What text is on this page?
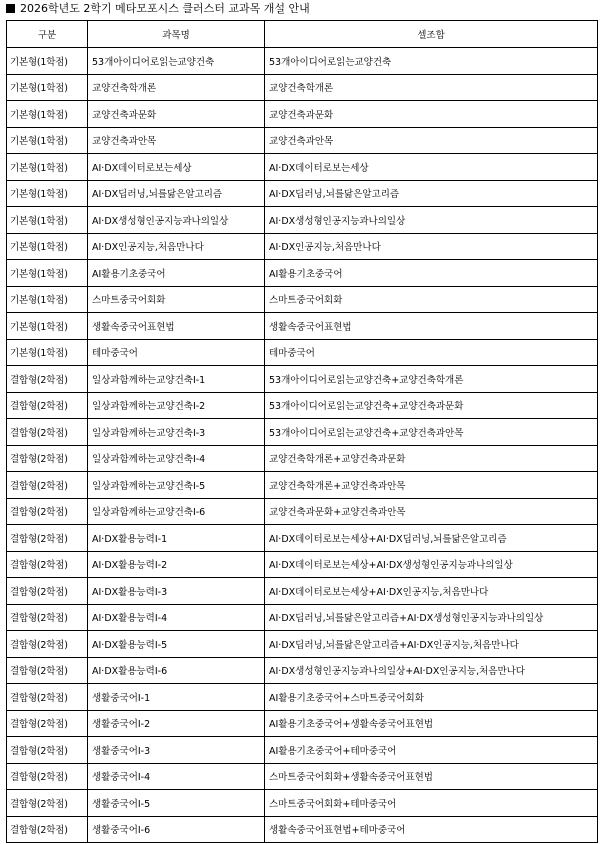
2026학년도 2학기 메타모포시스 클러스터 교과목 개설 안내
구분	과목명	셀조합
기본형(1학점)	53개아이디어로읽는교양건축	53개아이디어로읽는교양건축
기본형(1학점)	교양건축학개론	교양건축학개론
기본형(1학점)	교양건축과문화	교양건축과문화
기본형(1학점)	교양건축과안목	교양건축과안목
기본형(1학점)	AI·DX데이터로보는세상	AI·DX데이터로보는세상
기본형(1학점)	AI·DX딥러닝,뇌를닮은알고리즘	AI·DX딥러닝,뇌를닮은알고리즘
기본형(1학점)	AI·DX생성형인공지능과나의일상	AI·DX생성형인공지능과나의일상
기본형(1학점)	AI·DX인공지능,처음만나다	AI·DX인공지능,처음만나다
기본형(1학점)	AI활용기초중국어	AI활용기초중국어
기본형(1학점)	스마트중국어회화	스마트중국어회화
기본형(1학점)	생활속중국어표현법	생활속중국어표현법
기본형(1학점)	테마중국어	테마중국어
결합형(2학점)	일상과함께하는교양건축Ⅰ-1	53개아이디어로읽는교양건축+교양건축학개론
결합형(2학점)	일상과함께하는교양건축Ⅰ-2	53개아이디어로읽는교양건축+교양건축과문화
결합형(2학점)	일상과함께하는교양건축Ⅰ-3	53개아이디어로읽는교양건축+교양건축과안목
결합형(2학점)	일상과함께하는교양건축Ⅰ-4	교양건축학개론+교양건축과문화
결합형(2학점)	일상과함께하는교양건축Ⅰ-5	교양건축학개론+교양건축과안목
결합형(2학점)	일상과함께하는교양건축Ⅰ-6	교양건축과문화+교양건축과안목
결합형(2학점)	AI·DX활용능력Ⅰ-1	AI·DX데이터로보는세상+AI·DX딥러닝,뇌를닮은알고리즘
결합형(2학점)	AI·DX활용능력Ⅰ-2	AI·DX데이터로보는세상+AI·DX생성형인공지능과나의일상
결합형(2학점)	AI·DX활용능력Ⅰ-3	AI·DX데이터로보는세상+AI·DX인공지능,처음만나다
결합형(2학점)	AI·DX활용능력Ⅰ-4	AI·DX딥러닝,뇌를닮은알고리즘+AI·DX생성형인공지능과나의일상
결합형(2학점)	AI·DX활용능력Ⅰ-5	AI·DX딥러닝,뇌를닮은알고리즘+AI·DX인공지능,처음만나다
결합형(2학점)	AI·DX활용능력Ⅰ-6	AI·DX생성형인공지능과나의일상+AI·DX인공지능,처음만나다
결합형(2학점)	생활중국어Ⅰ-1	AI활용기초중국어+스마트중국어회화
결합형(2학점)	생활중국어Ⅰ-2	AI활용기초중국어+생활속중국어표현법
결합형(2학점)	생활중국어Ⅰ-3	AI활용기초중국어+테마중국어
결합형(2학점)	생활중국어Ⅰ-4	스마트중국어회화+생활속중국어표현법
결합형(2학점)	생활중국어Ⅰ-5	스마트중국어회화+테마중국어
결합형(2학점)	생활중국어Ⅰ-6	생활속중국어표현법+테마중국어
